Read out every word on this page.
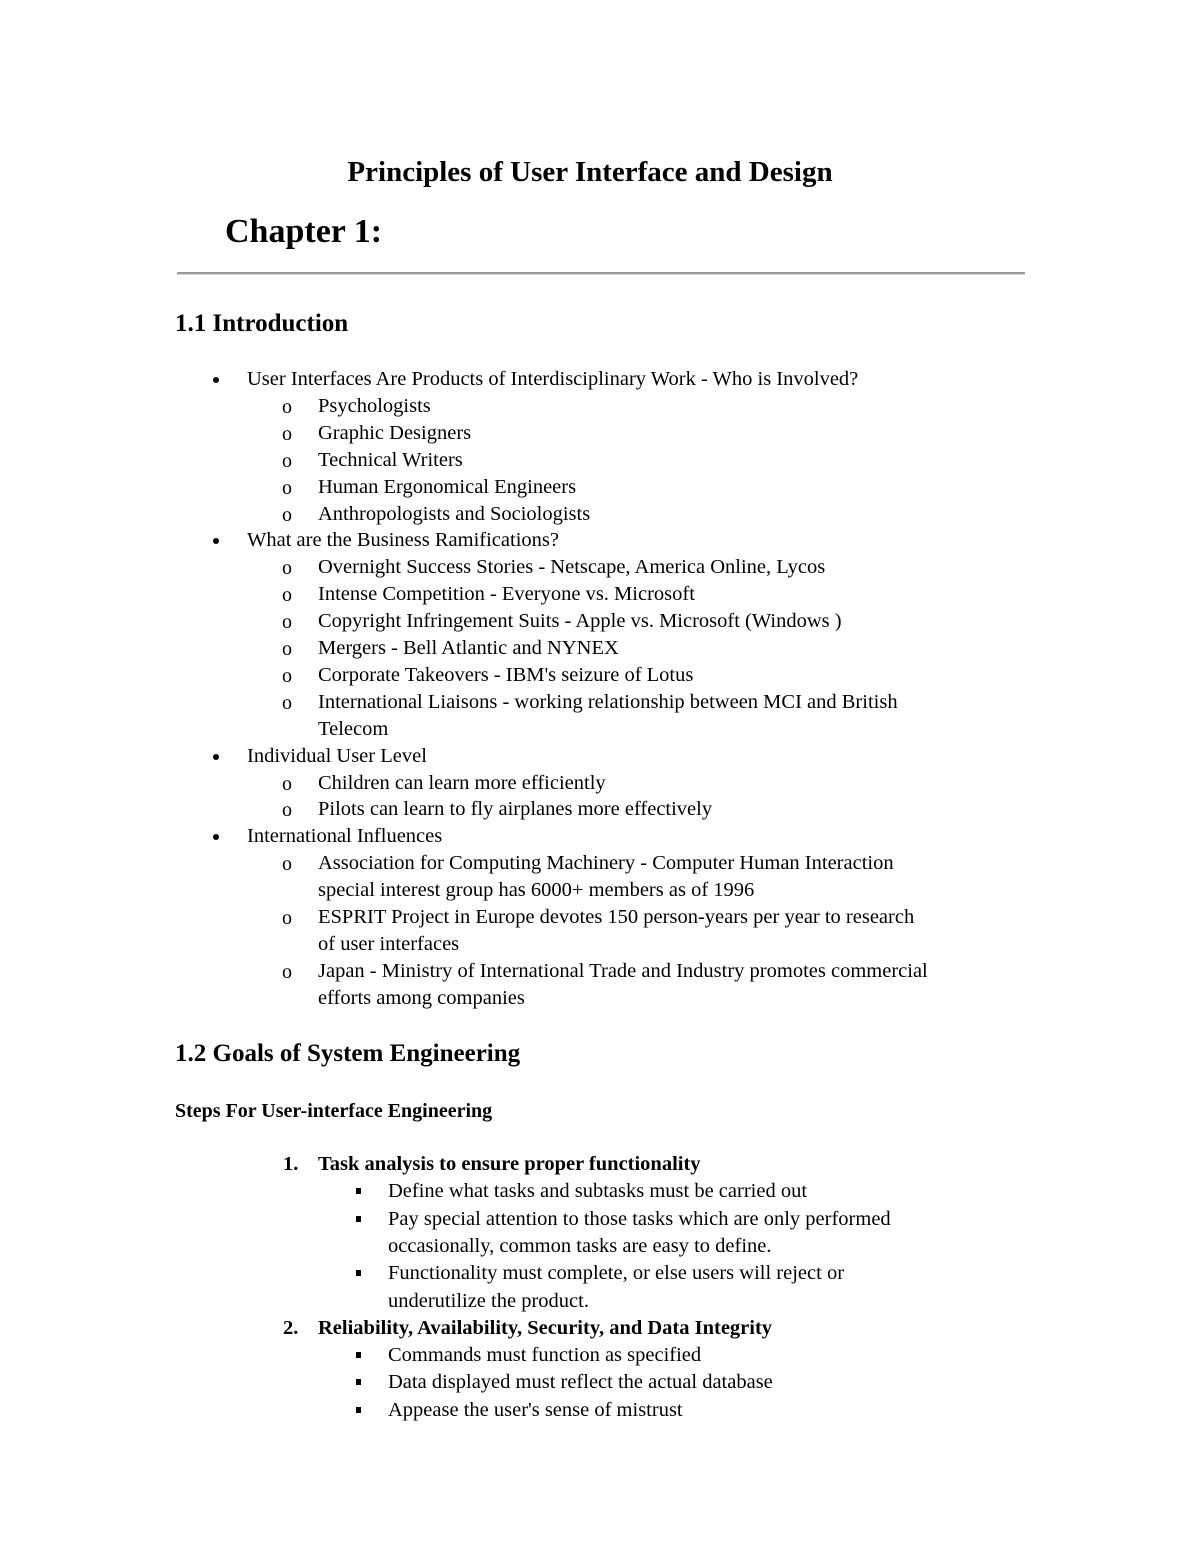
Principles of User Interface and Design
Chapter 1:
1.1 Introduction
User Interfaces Are Products of Interdisciplinary Work - Who is Involved?
o Psychologists
o Graphic Designers
o Technical Writers
o Human Ergonomical Engineers
o Anthropologists and Sociologists
What are the Business Ramifications?
o Overnight Success Stories - Netscape, America Online, Lycos
o Intense Competition - Everyone vs. Microsoft
o Copyright Infringement Suits - Apple vs. Microsoft (Windows )
o Mergers - Bell Atlantic and NYNEX
o Corporate Takeovers - IBM's seizure of Lotus
o International Liaisons - working relationship between MCI and British
Telecom
Individual User Level
o Children can learn more efficiently
o Pilots can learn to fly airplanes more effectively
International Influences
o Association for Computing Machinery - Computer Human Interaction
special interest group has 6000+ members as of 1996
o ESPRIT Project in Europe devotes 150 person-years per year to research
of user interfaces
o Japan - Ministry of International Trade and Industry promotes commercial
efforts among companies
1.2 Goals of System Engineering
Steps For User-interface Engineering
1. Task analysis to ensure proper functionality
Define what tasks and subtasks must be carried out
Pay special attention to those tasks which are only performed
occasionally, common tasks are easy to define.
Functionality must complete, or else users will reject or
underutilize the product.
2. Reliability, Availability, Security, and Data Integrity
Commands must function as specified
Data displayed must reflect the actual database
Appease the user's sense of mistrust
